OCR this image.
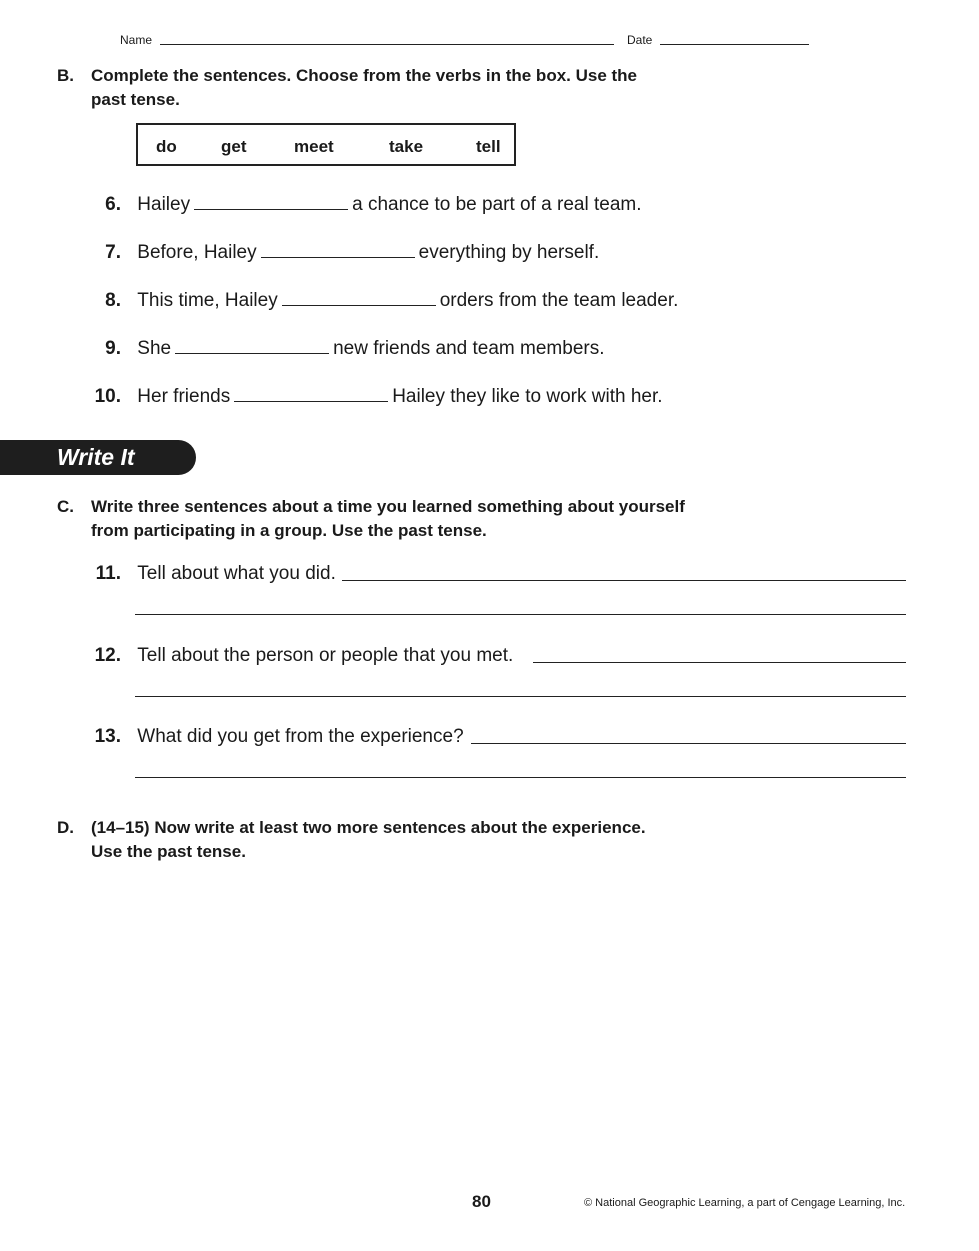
Name	Date
B. Complete the sentences. Choose from the verbs in the box. Use the
past tense.
do	get	meet	take	tell
6. Hailey	a chance to be part of a real team.
7. Before, Hailey	everything by herself.
8. This time, Hailey	orders from the team leader.
9. She	new friends and team members.
10. Her friends	Hailey they like to work with her.
Write It
C. Write three sentences about a time you learned something about yourself
from participating in a group. Use the past tense.
11. Tell about what you did.
12. Tell about the person or people that you met.
13. What did you get from the experience?
D. (14–15) Now write at least two more sentences about the experience.
Use the past tense.
80	© National Geographic Learning, a part of Cengage Learning, Inc.
